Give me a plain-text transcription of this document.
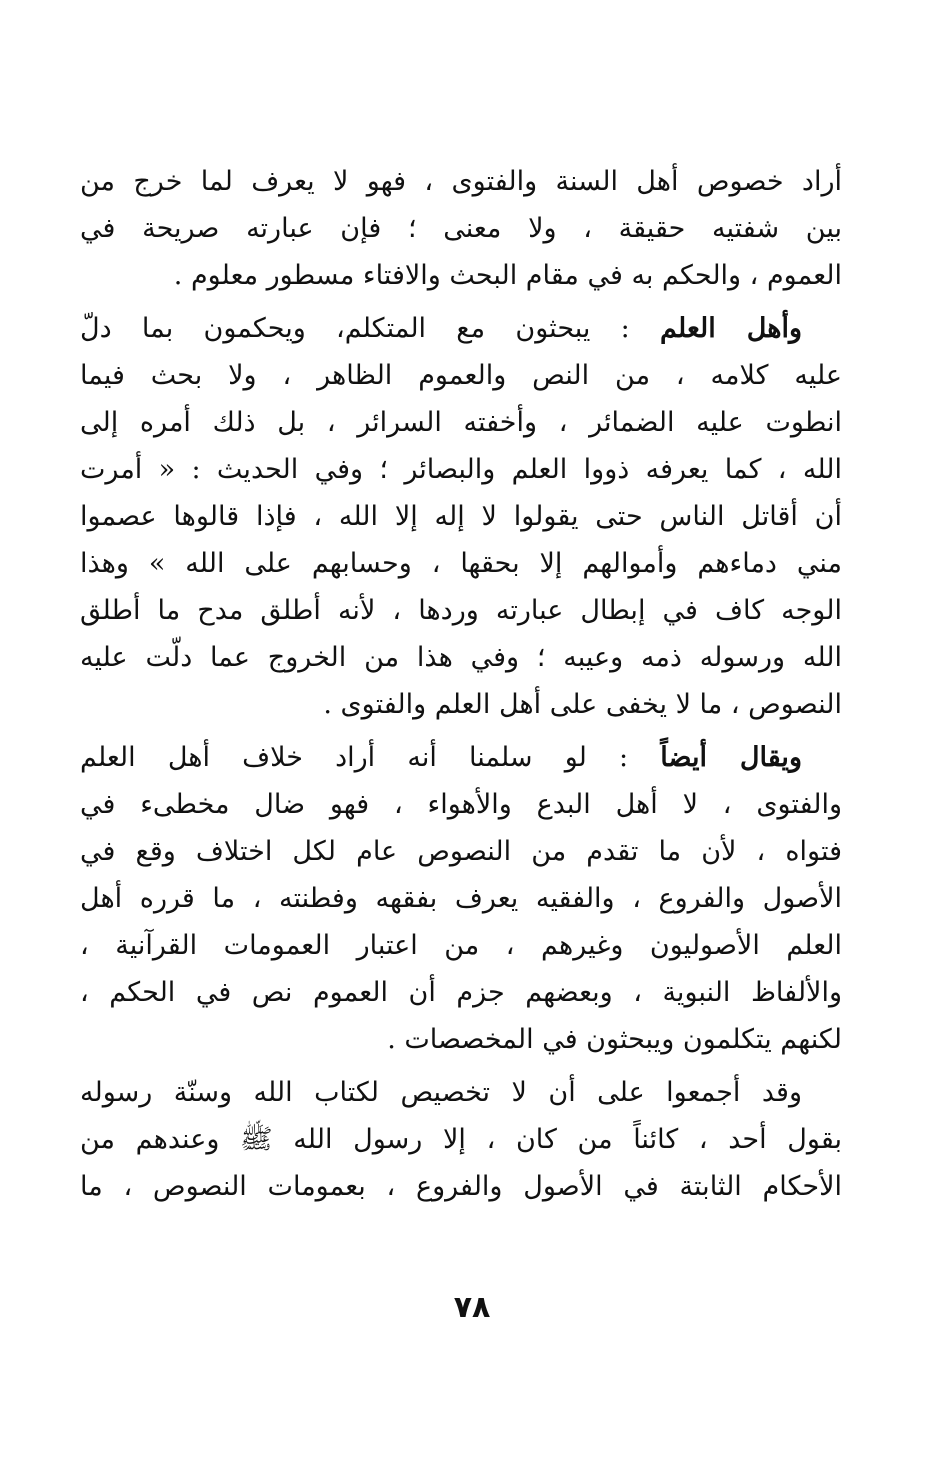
أراد خصوص أهل السنة والفتوى ، فهو لا يعرف لما خرج من
بين شفتيه حقيقة ، ولا معنى ؛ فإن عبارته صريحة في
العموم ، والحكم به في مقام البحث والافتاء مسطور معلوم .
وأهل العلم : يبحثون مع المتكلم، ويحكمون بما دلّ
عليه كلامه ، من النص والعموم الظاهر ، ولا بحث فيما
انطوت عليه الضمائر ، وأخفته السرائر ، بل ذلك أمره إلى
الله ، كما يعرفه ذووا العلم والبصائر ؛ وفي الحديث : « أمرت
أن أقاتل الناس حتى يقولوا لا إله إلا الله ، فإذا قالوها عصموا
مني دماءهم وأموالهم إلا بحقها ، وحسابهم على الله » وهذا
الوجه كاف في إبطال عبارته وردها ، لأنه أطلق مدح ما أطلق
الله ورسوله ذمه وعيبه ؛ وفي هذا من الخروج عما دلّت عليه
النصوص ، ما لا يخفى على أهل العلم والفتوى .
ويقال أيضاً : لو سلمنا أنه أراد خلاف أهل العلم
والفتوى ، لا أهل البدع والأهواء ، فهو ضال مخطىء في
فتواه ، لأن ما تقدم من النصوص عام لكل اختلاف وقع في
الأصول والفروع ، والفقيه يعرف بفقهه وفطنته ، ما قرره أهل
العلم الأصوليون وغيرهم ، من اعتبار العمومات القرآنية ،
والألفاظ النبوية ، وبعضهم جزم أن العموم نص في الحكم ،
لكنهم يتكلمون ويبحثون في المخصصات .
وقد أجمعوا على أن لا تخصيص لكتاب الله وسنّة رسوله
بقول أحد ، كائناً من كان ، إلا رسول الله ﷺ وعندهم من
الأحكام الثابتة في الأصول والفروع ، بعمومات النصوص ، ما
٧٨
